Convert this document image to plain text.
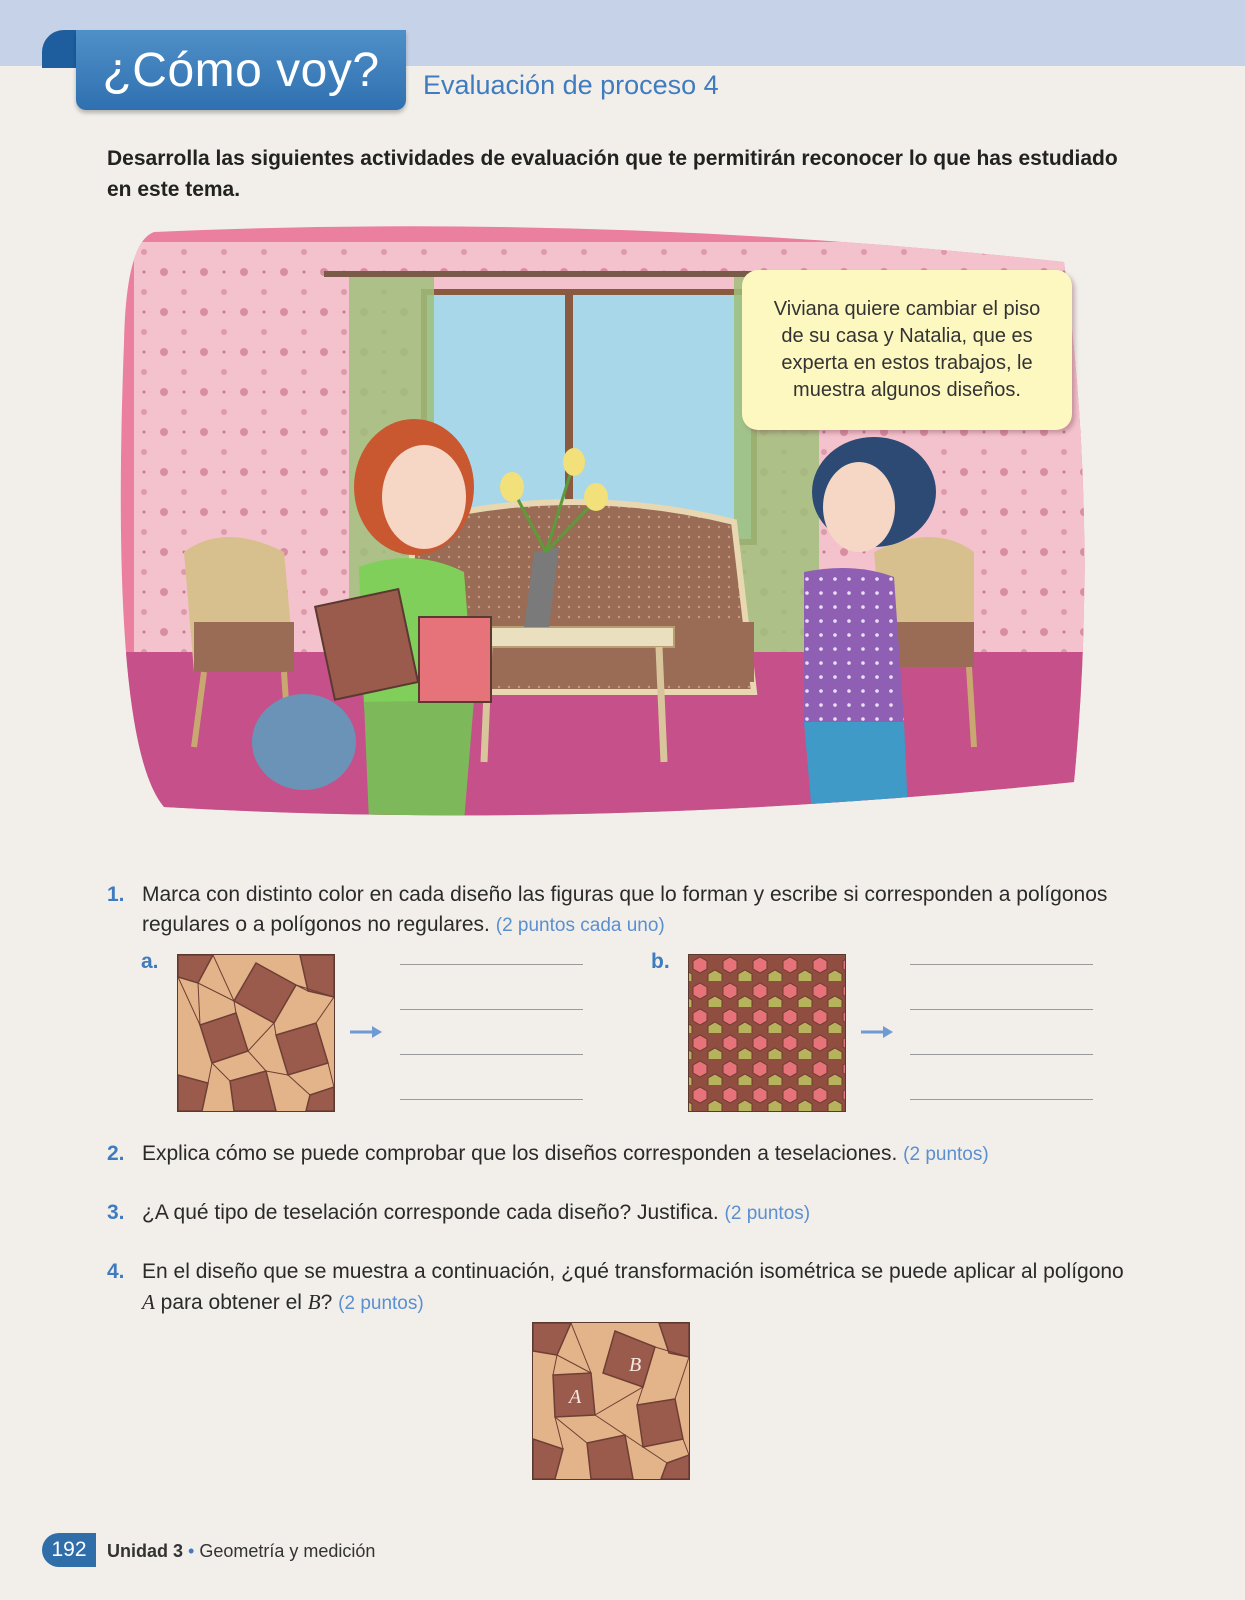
¿Cómo voy? Evaluación de proceso 4
Desarrolla las siguientes actividades de evaluación que te permitirán reconocer lo que has estudiado en este tema.
Viviana quiere cambiar el piso de su casa y Natalia, que es experta en estos trabajos, le muestra algunos diseños.
1. Marca con distinto color en cada diseño las figuras que lo forman y escribe si corresponden a polígonos regulares o a polígonos no regulares. (2 puntos cada uno)
a.	b.
2. Explica cómo se puede comprobar que los diseños corresponden a teselaciones. (2 puntos)
3. ¿A qué tipo de teselación corresponde cada diseño? Justifica. (2 puntos)
4. En el diseño que se muestra a continuación, ¿qué transformación isométrica se puede aplicar al polígono A para obtener el B? (2 puntos)
B
A
192	Unidad 3 • Geometría y medición
